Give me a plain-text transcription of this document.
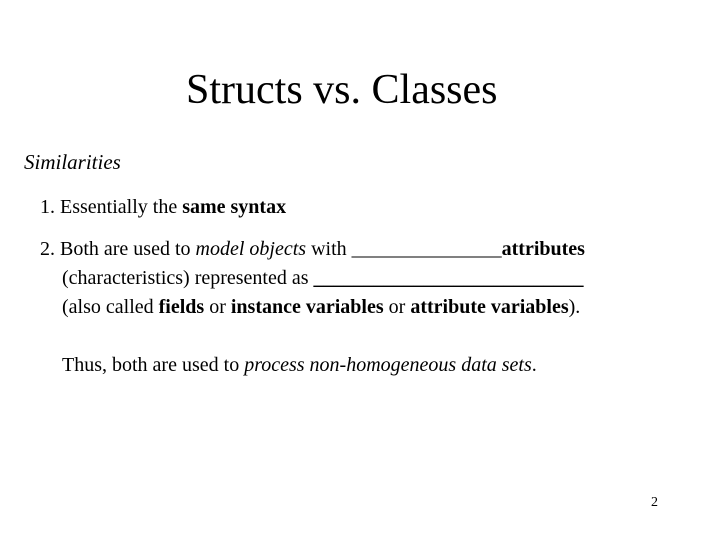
Structs vs. Classes
Similarities
1. Essentially the same syntax
2. Both are used to model objects with _______________attributes
(characteristics) represented as ___________________________
(also called fields or instance variables or attribute variables).
Thus, both are used to process non-homogeneous data sets.
2
